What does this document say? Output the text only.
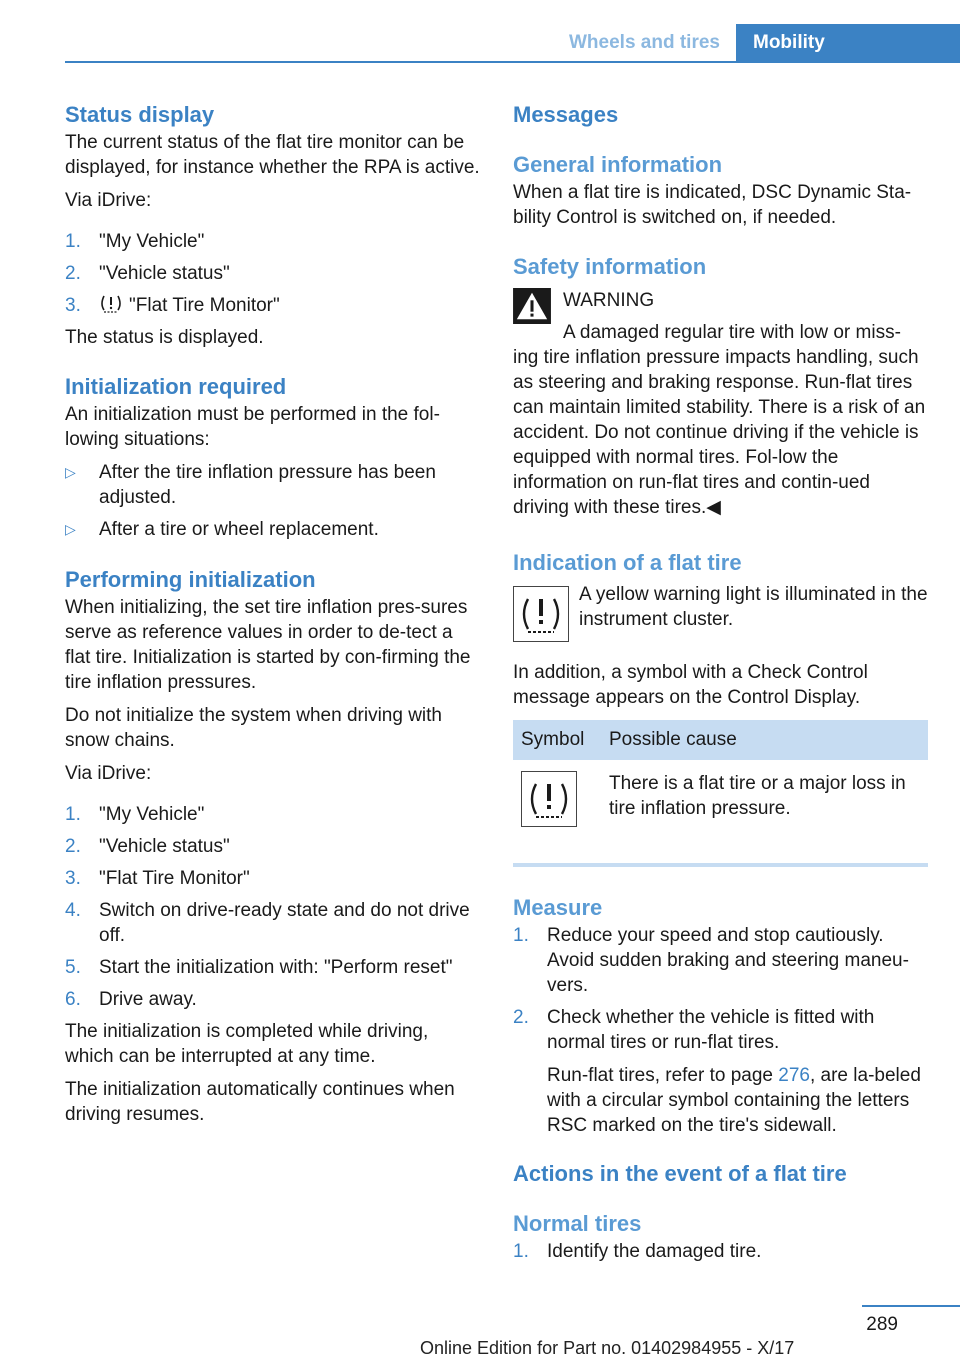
Wheels and tires	Mobility
Status display

The current status of the flat tire monitor can be displayed, for instance whether the RPA is active.

Via iDrive:

1. "My Vehicle"
2. "Vehicle status"
3.	"Flat Tire Monitor"

The status is displayed.

Initialization required

An initialization must be performed in the fol‐lowing situations:

▷ After the tire inflation pressure has been adjusted.
▷ After a tire or wheel replacement.
Performing initialization

When initializing, the set tire inflation pres‐sures serve as reference values in order to de‐tect a flat tire. Initialization is started by con‐firming the tire inflation pressures.

Do not initialize the system when driving with snow chains.

Via iDrive:

1. "My Vehicle"
2. "Vehicle status"
3. "Flat Tire Monitor"
4. Switch on drive-ready state and do not drive off.
5. Start the initialization with: "Perform reset"
6. Drive away.

The initialization is completed while driving, which can be interrupted at any time.

The initialization automatically continues when driving resumes.

Messages
General information

When a flat tire is indicated, DSC Dynamic Sta‐bility Control is switched on, if needed.

Safety information
WARNING
A damaged regular tire with low or miss‐

ing tire inflation pressure impacts handling, such as steering and braking response. Run-flat tires can maintain limited stability. There is a risk of an accident. Do not continue driving if the vehicle is equipped with normal tires. Fol‐low the information on run-flat tires and contin‐ued driving with these tires.◀

Indication of a flat tire
A yellow warning light is illuminated in the instrument cluster.

In addition, a symbol with a Check Control message appears on the Control Display.

Symbol	Possible cause

	There is a flat tire or a major loss in tire inflation pressure.
Measure
1. Reduce your speed and stop cautiously. Avoid sudden braking and steering maneu‐vers.
2. Check whether the vehicle is fitted with normal tires or run-flat tires.
Run-flat tires, refer to page 276, are la‐beled with a circular symbol containing the letters RSC marked on the tire's sidewall.
Actions in the event of a flat tire
Normal tires
1. Identify the damaged tire.
289
Online Edition for Part no. 01402984955 - X/17
